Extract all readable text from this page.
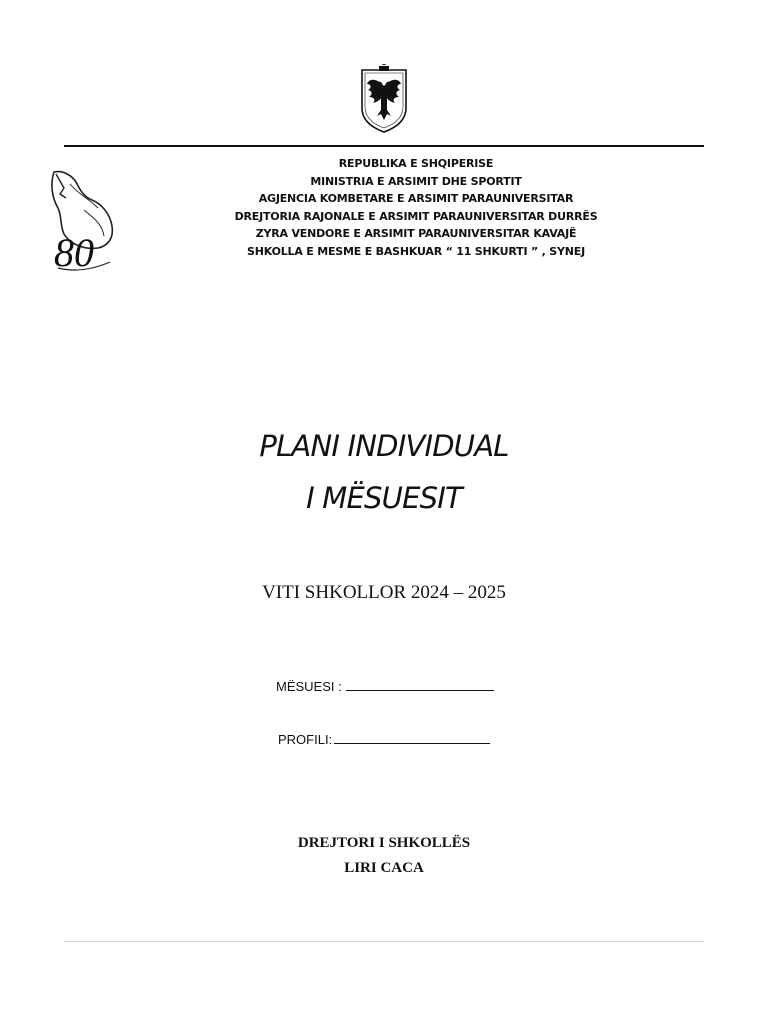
80
REPUBLIKA E SHQIPERISE
MINISTRIA E ARSIMIT DHE SPORTIT
AGJENCIA KOMBETARE E ARSIMIT PARAUNIVERSITAR
DREJTORIA RAJONALE E ARSIMIT PARAUNIVERSITAR DURRËS
ZYRA VENDORE E ARSIMIT PARAUNIVERSITAR KAVAJË
SHKOLLA E MESME E BASHKUAR “ 11 SHKURTI ” , SYNEJ
PLANI INDIVIDUAL
I MËSUESIT
VITI SHKOLLOR 2024 – 2025
MËSUESI :
PROFILI:
DREJTORI I SHKOLLËS
LIRI CACA
